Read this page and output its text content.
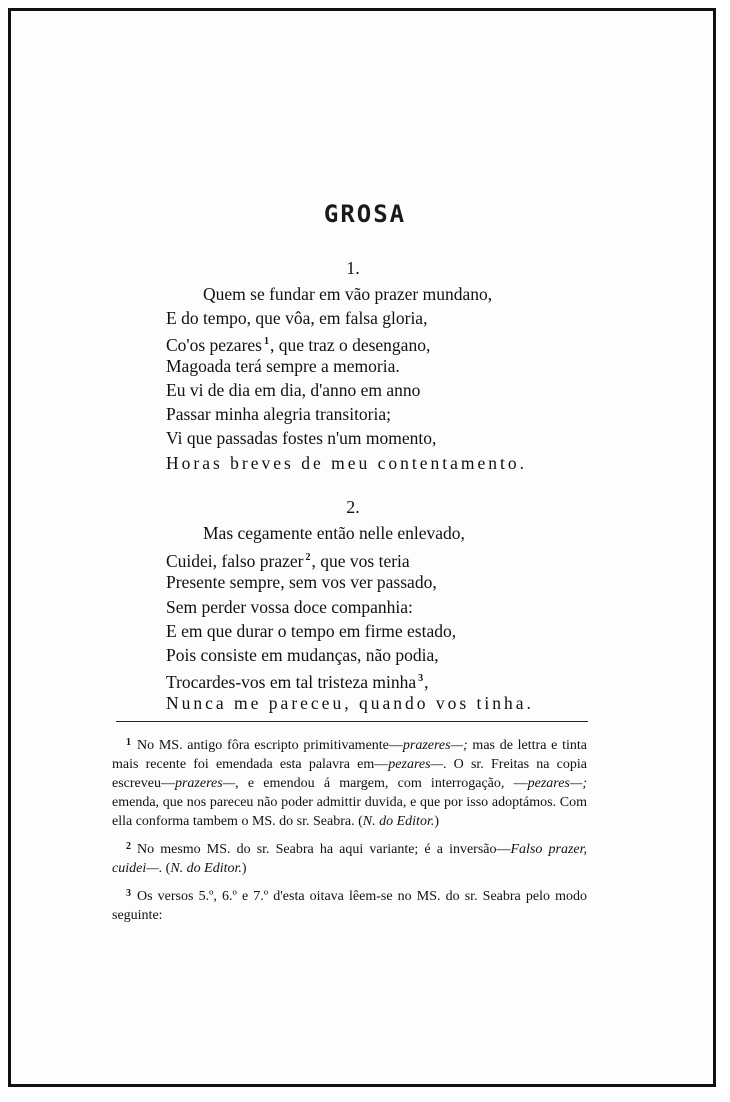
GROSA
1.
Quem se fundar em vão prazer mundano,
E do tempo, que vôa, em falsa gloria,
Co'os pezares $^1$, que traz o desengano,
Magoada terá sempre a memoria.
Eu vi de dia em dia, d'anno em anno
Passar minha alegria transitoria;
Vi que passadas fostes n'um momento,
Horas breves de meu contentamento.
2.
Mas cegamente então nelle enlevado,
Cuidei, falso prazer $^2$, que vos teria
Presente sempre, sem vos ver passado,
Sem perder vossa doce companhia:
E em que durar o tempo em firme estado,
Pois consiste em mudanças, não podia,
Trocardes-vos em tal tristeza minha $^3$,
Nunca me pareceu, quando vos tinha.

$^1$ No MS. antigo fôra escripto primitivamente—prazeres—; mas de lettra e tinta mais recente foi emendada esta palavra em—pezares—. O sr. Freitas na copia escreveu—prazeres—, e emendou á margem, com interrogação, —pezares—; emenda, que nos pareceu não poder admittir duvida, e que por isso adoptámos. Com ella conforma tambem o MS. do sr. Seabra. (N. do Editor.)

$^2$ No mesmo MS. do sr. Seabra ha aqui variante; é a inversão—Falso prazer, cuidei—. (N. do Editor.)

$^3$ Os versos 5.º, 6.º e 7.º d'esta oitava lêem-se no MS. do sr. Seabra pelo modo seguinte:
